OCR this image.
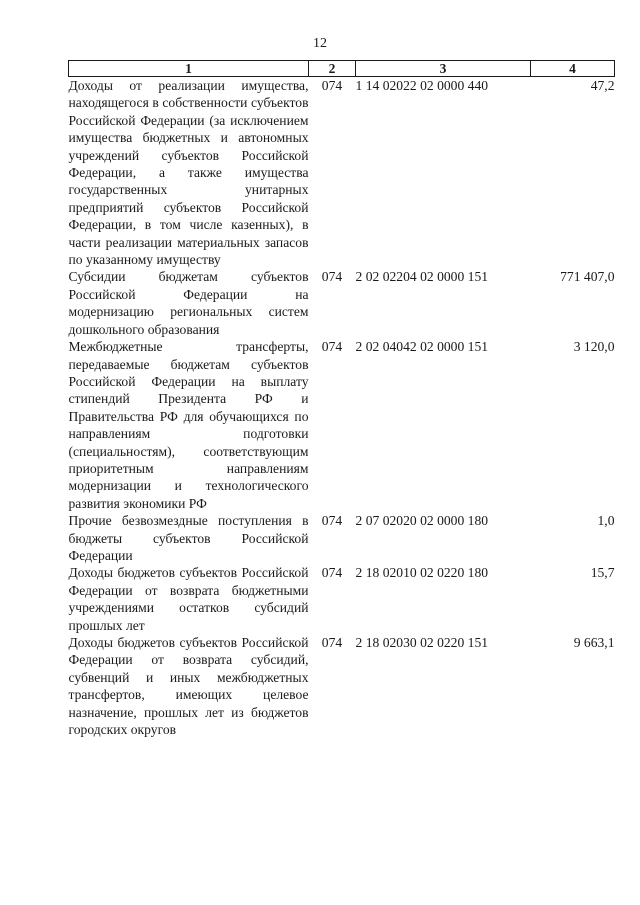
12
1	2	3	4
Доходы от реализации имущества, находящегося в собственности субъектов Российской Федерации (за исключением имущества бюджетных и автономных учреждений субъектов Российской Федерации, а также имущества государственных унитарных предприятий субъектов Российской Федерации, в том числе казенных), в части реализации материальных запасов по указанному имуществу	074	1 14 02022 02 0000 440	47,2
Субсидии бюджетам субъектов Российской Федерации на модернизацию региональных систем дошкольного образования	074	2 02 02204 02 0000 151	771 407,0
Межбюджетные трансферты, передаваемые бюджетам субъектов Российской Федерации на выплату стипендий Президента РФ и Правительства РФ для обучающихся по направлениям подготовки (специальностям), соответствующим приоритетным направлениям модернизации и технологического развития экономики РФ	074	2 02 04042 02 0000 151	3 120,0
Прочие безвозмездные поступления в бюджеты субъектов Российской Федерации	074	2 07 02020 02 0000 180	1,0
Доходы бюджетов субъектов Российской Федерации от возврата бюджетными учреждениями остатков субсидий прошлых лет	074	2 18 02010 02 0220 180	15,7
Доходы бюджетов субъектов Российской Федерации от возврата субсидий, субвенций и иных межбюджетных трансфертов, имеющих целевое назначение, прошлых лет из бюджетов городских округов	074	2 18 02030 02 0220 151	9 663,1
